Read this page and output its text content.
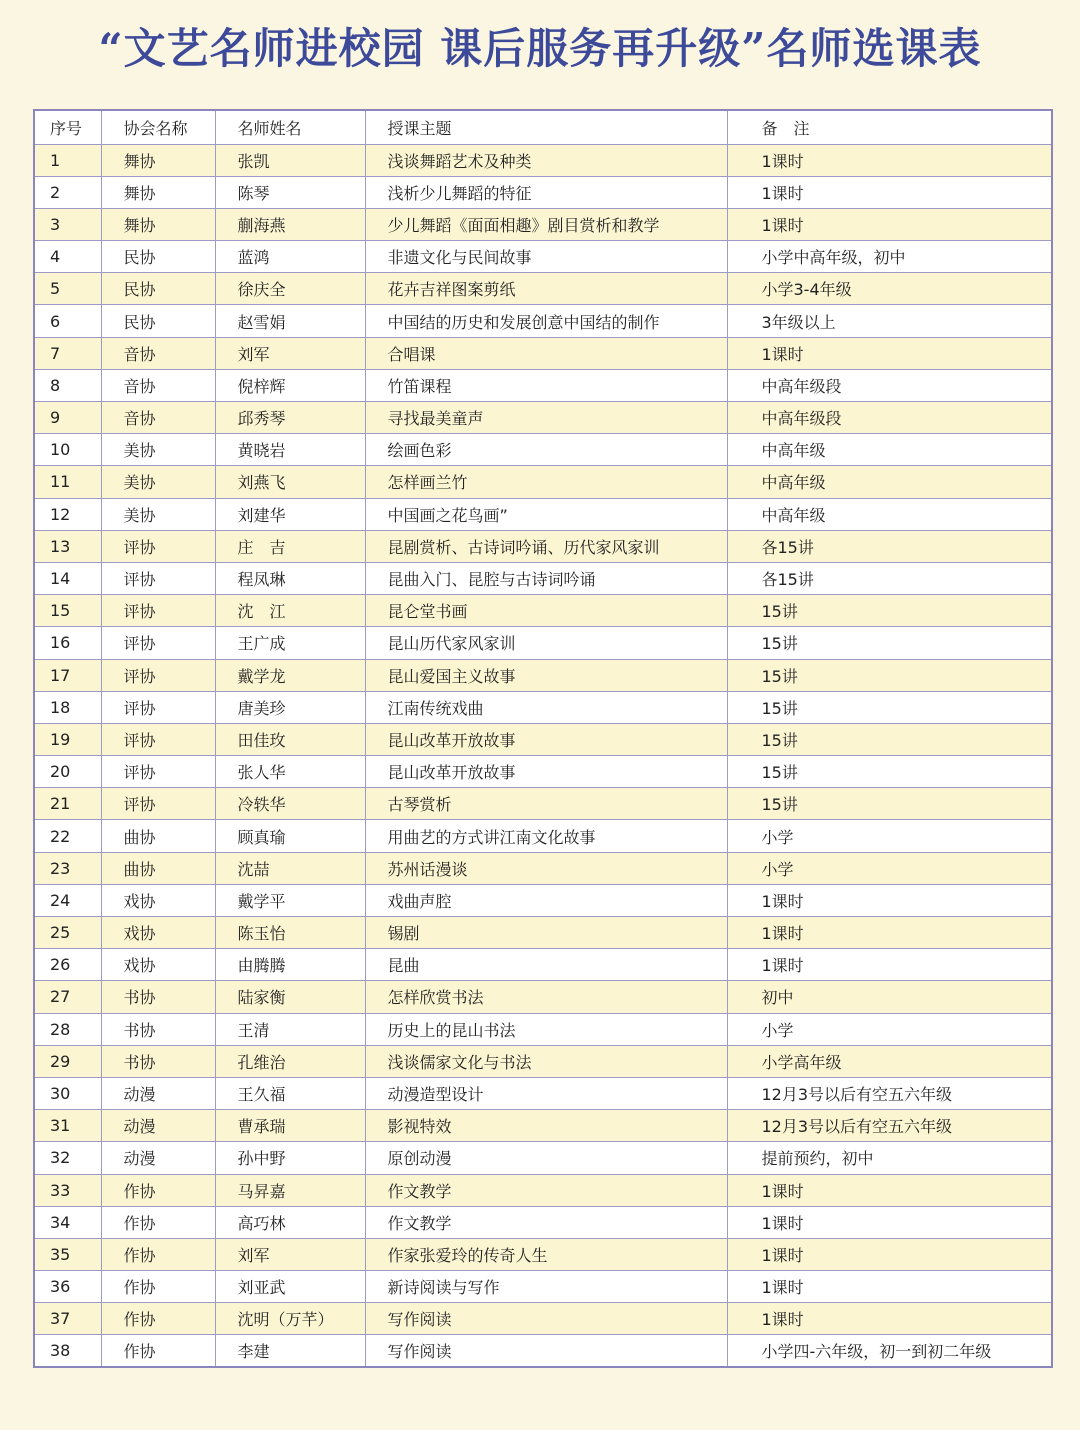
“文艺名师进校园 课后服务再升级”名师选课表
序号	协会名称	名师姓名	授课主题	备　注
1	舞协	张凯	浅谈舞蹈艺术及种类	1课时
2	舞协	陈琴	浅析少儿舞蹈的特征	1课时
3	舞协	蒯海燕	少儿舞蹈《面面相趣》剧目赏析和教学	1课时
4	民协	蓝鸿	非遗文化与民间故事	小学中高年级，初中
5	民协	徐庆全	花卉吉祥图案剪纸	小学3-4年级
6	民协	赵雪娟	中国结的历史和发展创意中国结的制作	3年级以上
7	音协	刘军	合唱课	1课时
8	音协	倪梓辉	竹笛课程	中高年级段
9	音协	邱秀琴	寻找最美童声	中高年级段
10	美协	黄晓岩	绘画色彩	中高年级
11	美协	刘燕飞	怎样画兰竹	中高年级
12	美协	刘建华	中国画之花鸟画”	中高年级
13	评协	庄　吉	昆剧赏析、古诗词吟诵、历代家风家训	各15讲
14	评协	程凤琳	昆曲入门、昆腔与古诗词吟诵	各15讲
15	评协	沈　江	昆仑堂书画	15讲
16	评协	王广成	昆山历代家风家训	15讲
17	评协	戴学龙	昆山爱国主义故事	15讲
18	评协	唐美珍	江南传统戏曲	15讲
19	评协	田佳玫	昆山改革开放故事	15讲
20	评协	张人华	昆山改革开放故事	15讲
21	评协	冷轶华	古琴赏析	15讲
22	曲协	顾真瑜	用曲艺的方式讲江南文化故事	小学
23	曲协	沈喆	苏州话漫谈	小学
24	戏协	戴学平	戏曲声腔	1课时
25	戏协	陈玉怡	锡剧	1课时
26	戏协	由腾腾	昆曲	1课时
27	书协	陆家衡	怎样欣赏书法	初中
28	书协	王清	历史上的昆山书法	小学
29	书协	孔维治	浅谈儒家文化与书法	小学高年级
30	动漫	王久福	动漫造型设计	12月3号以后有空五六年级
31	动漫	曹承瑞	影视特效	12月3号以后有空五六年级
32	动漫	孙中野	原创动漫	提前预约，初中
33	作协	马昇嘉	作文教学	1课时
34	作协	高巧林	作文教学	1课时
35	作协	刘军	作家张爱玲的传奇人生	1课时
36	作协	刘亚武	新诗阅读与写作	1课时
37	作协	沈明（万芊）	写作阅读	1课时
38	作协	李建	写作阅读	小学四-六年级，初一到初二年级
